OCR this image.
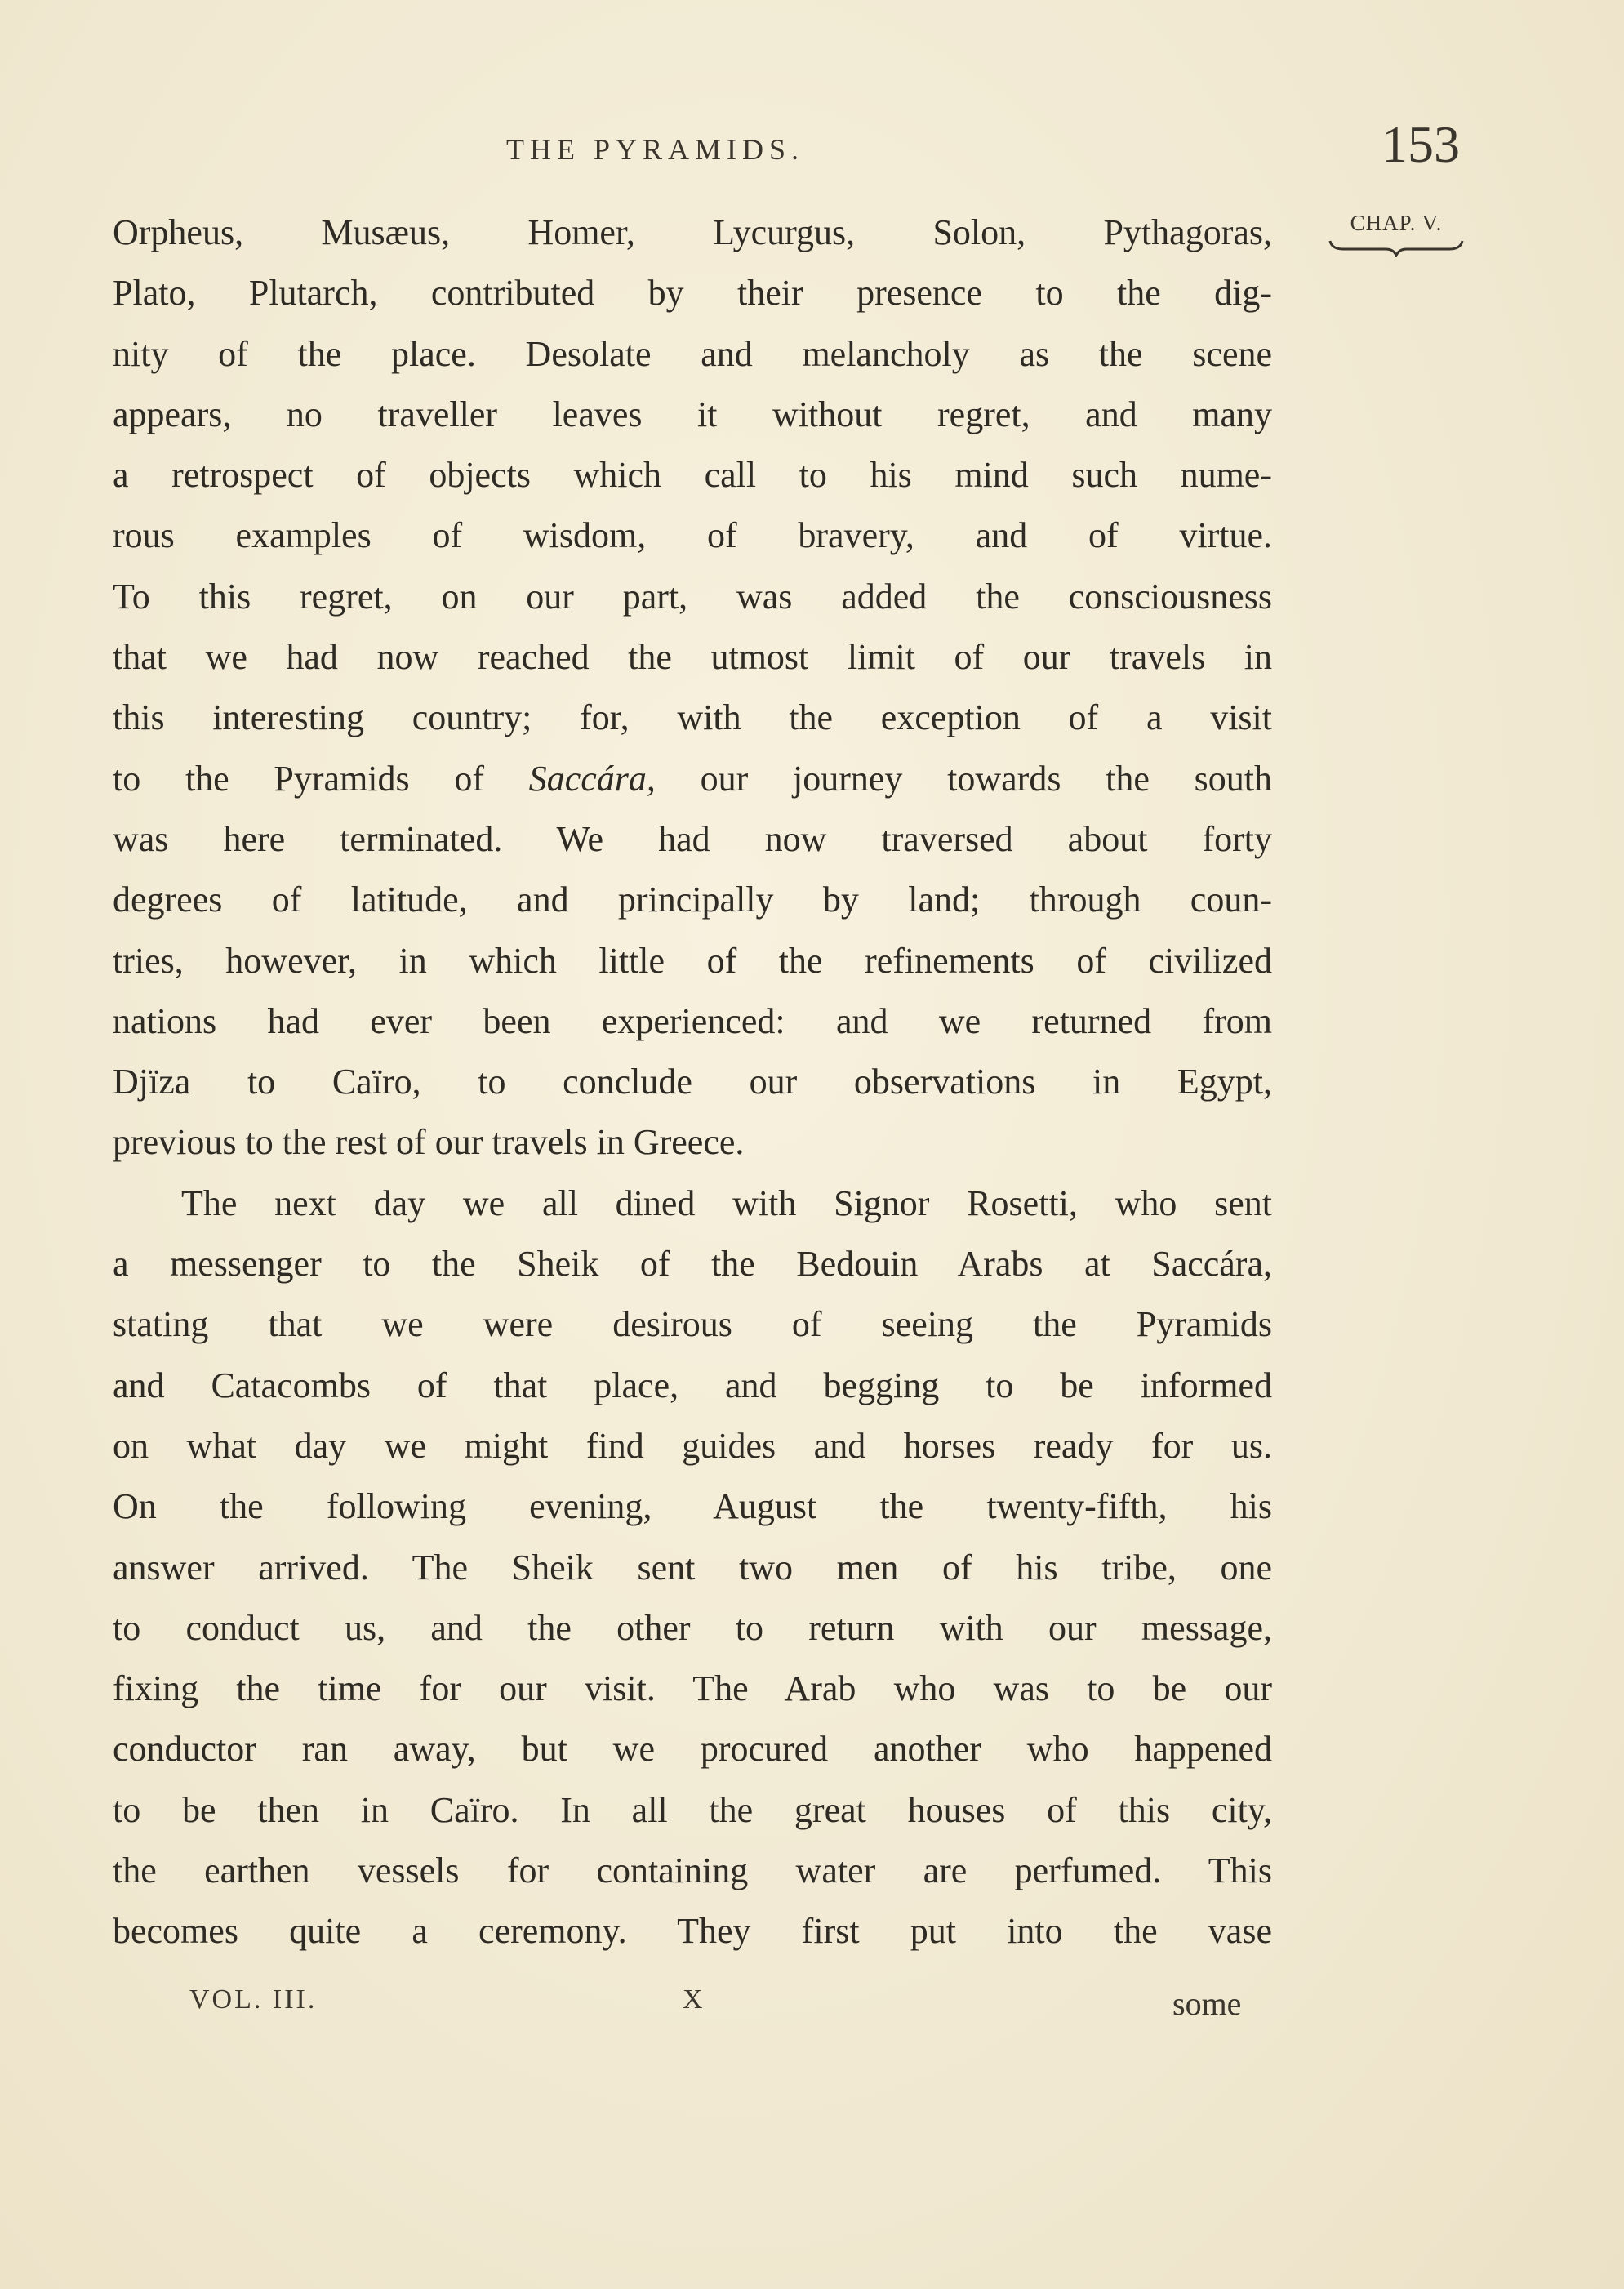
THE PYRAMIDS.	153
CHAP. V.
Orpheus, Musæus, Homer, Lycurgus, Solon, Pythagoras,
Plato, Plutarch, contributed by their presence to the dig-
nity of the place. Desolate and melancholy as the scene
appears, no traveller leaves it without regret, and many
a retrospect of objects which call to his mind such nume-
rous examples of wisdom, of bravery, and of virtue.
To this regret, on our part, was added the consciousness
that we had now reached the utmost limit of our travels in
this interesting country; for, with the exception of a visit
to the Pyramids of Saccára, our journey towards the south
was here terminated. We had now traversed about forty
degrees of latitude, and principally by land; through coun-
tries, however, in which little of the refinements of civilized
nations had ever been experienced: and we returned from
Djïza to Caïro, to conclude our observations in Egypt,
previous to the rest of our travels in Greece.
The next day we all dined with Signor Rosetti, who sent
a messenger to the Sheik of the Bedouin Arabs at Saccára,
stating that we were desirous of seeing the Pyramids
and Catacombs of that place, and begging to be informed
on what day we might find guides and horses ready for us.
On the following evening, August the twenty-fifth, his
answer arrived. The Sheik sent two men of his tribe, one
to conduct us, and the other to return with our message,
fixing the time for our visit. The Arab who was to be our
conductor ran away, but we procured another who happened
to be then in Caïro. In all the great houses of this city,
the earthen vessels for containing water are perfumed. This
becomes quite a ceremony. They first put into the vase
VOL. III.	X	some
